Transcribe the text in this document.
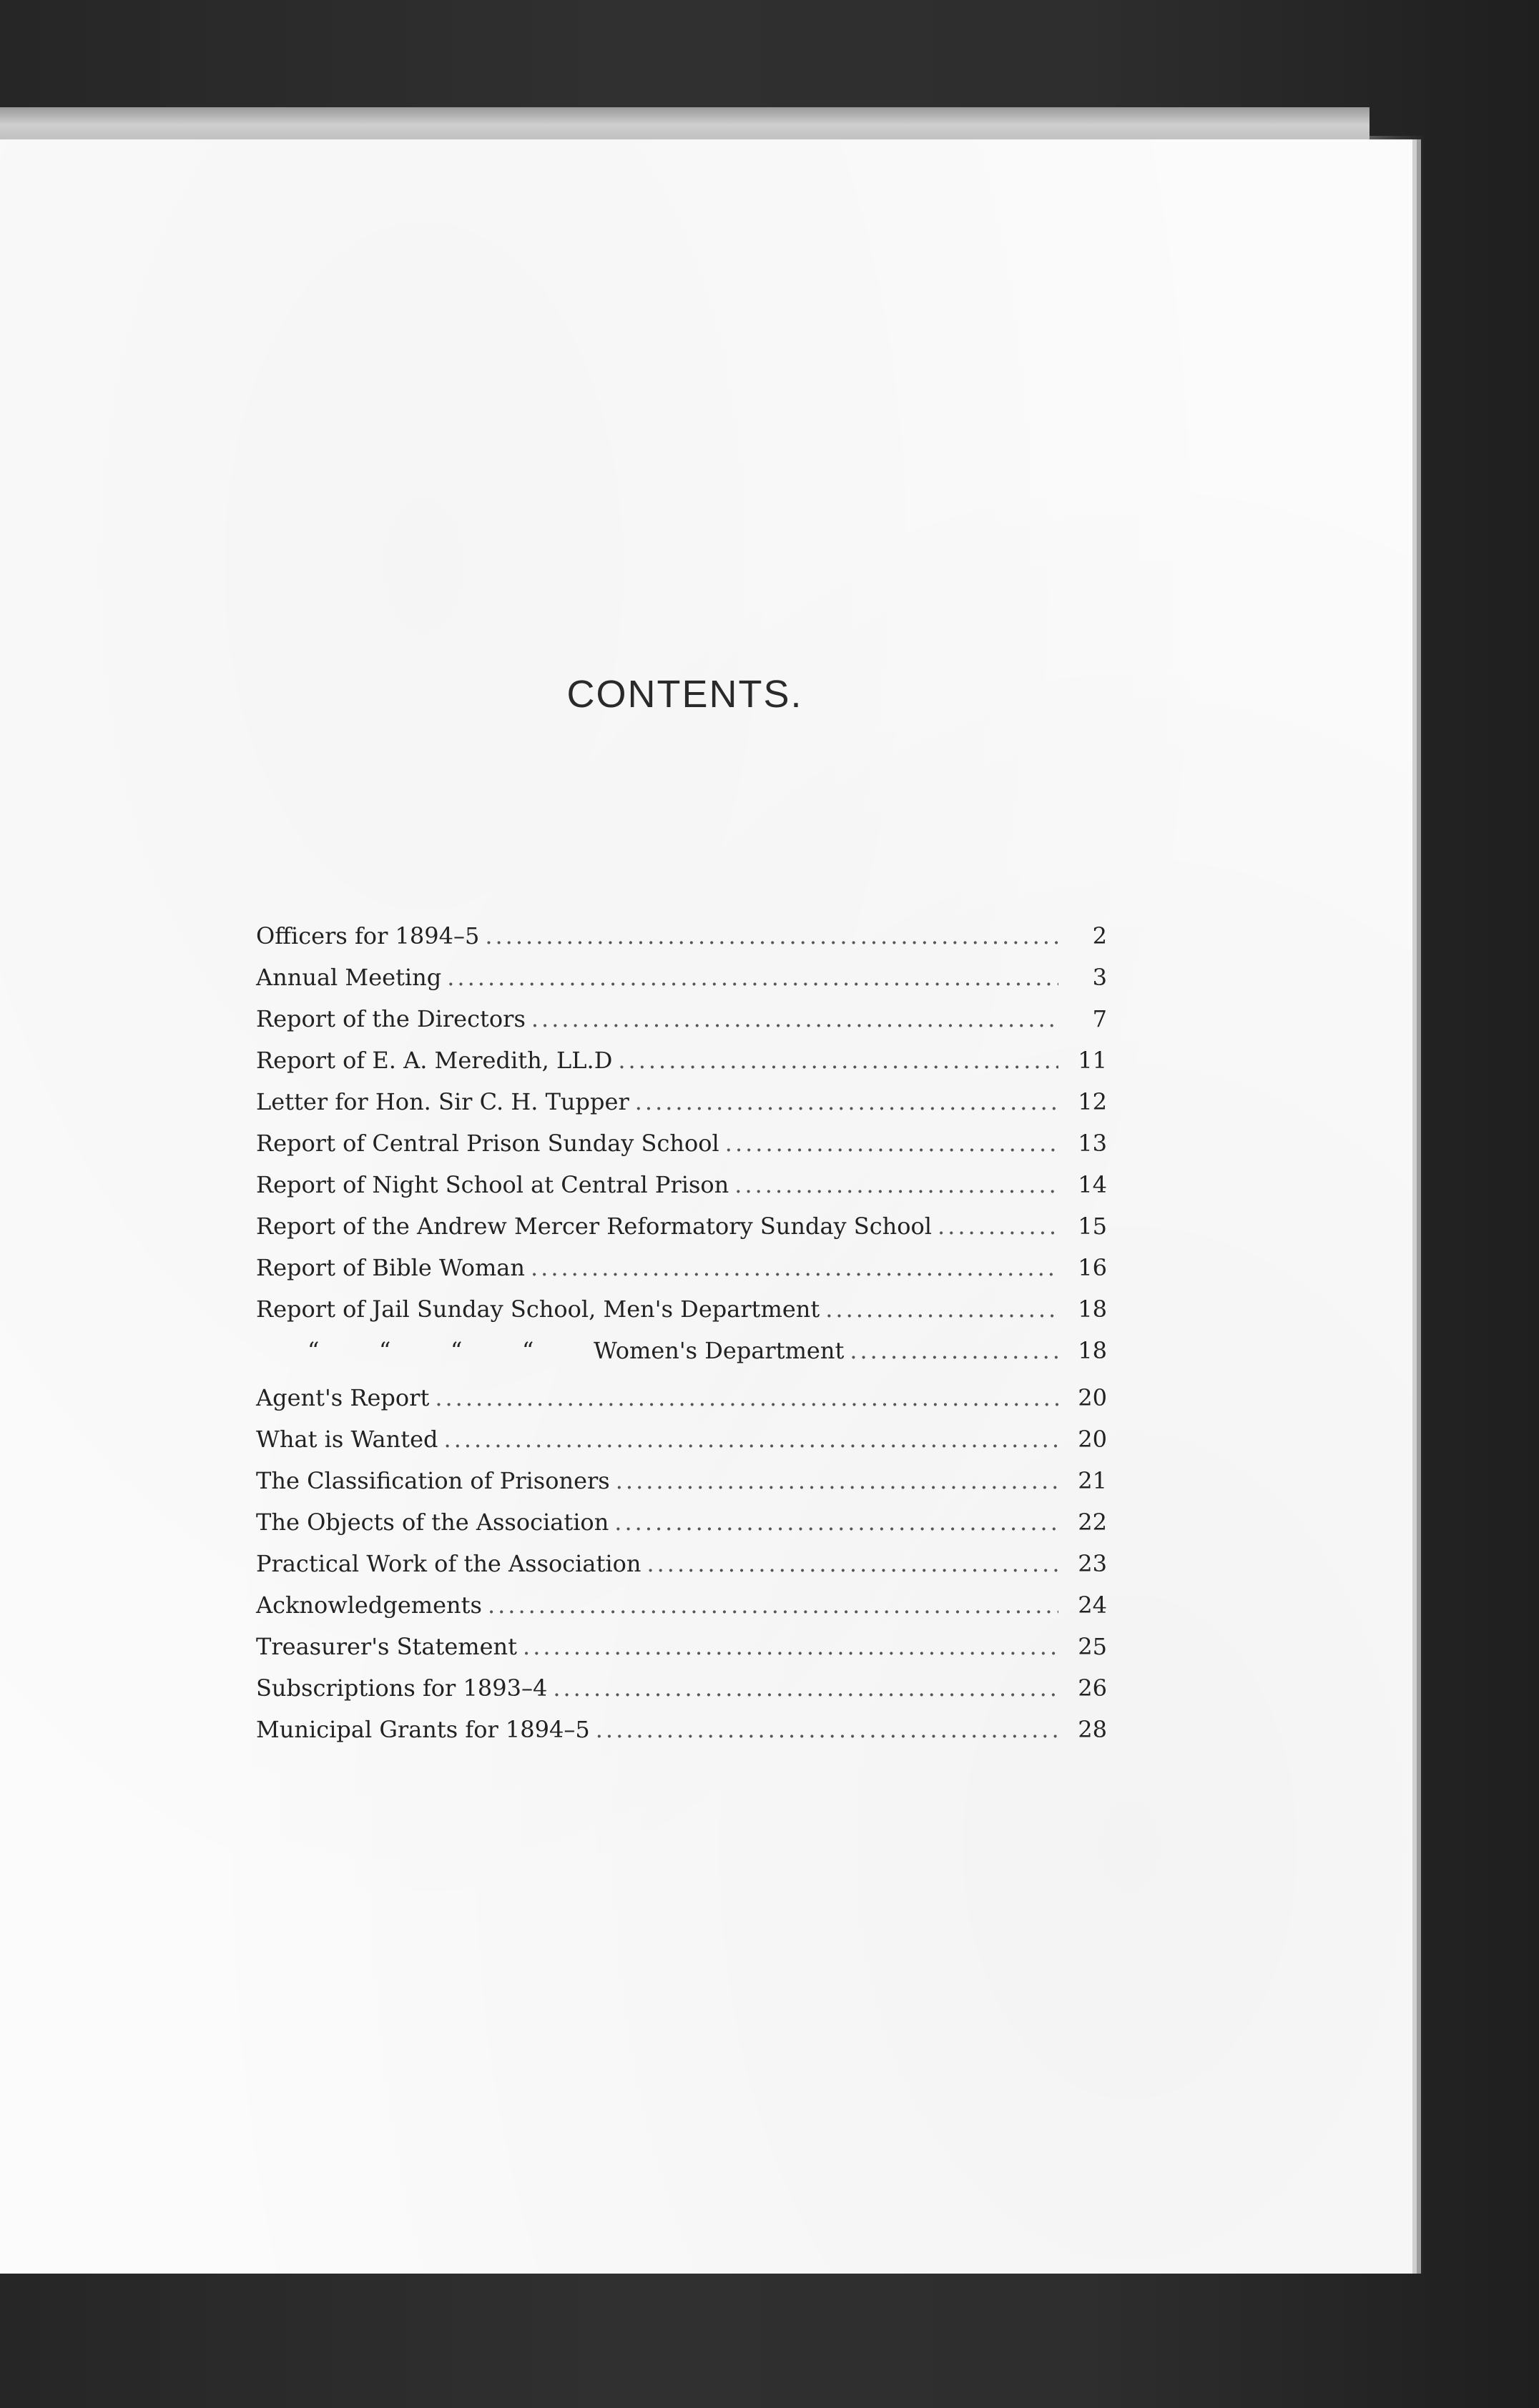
CONTENTS.
Officers for 1894–5 .....	2
Annual Meeting .....	3
Report of the Directors .....	7
Report of E. A. Meredith, LL.D .....	11
Letter for Hon. Sir C. H. Tupper .....	12
Report of Central Prison Sunday School .....	13
Report of Night School at Central Prison .....	14
Report of the Andrew Mercer Reformatory Sunday School .....	15
Report of Bible Woman .....	16
Report of Jail Sunday School, Men's Department .....	18
“	“	“	“	Women's Department .....	18
Agent's Report .....	20
What is Wanted .....	20
The Classification of Prisoners .....	21
The Objects of the Association .....	22
Practical Work of the Association .....	23
Acknowledgements .....	24
Treasurer's Statement .....	25
Subscriptions for 1893–4 .....	26
Municipal Grants for 1894–5 .....	28
